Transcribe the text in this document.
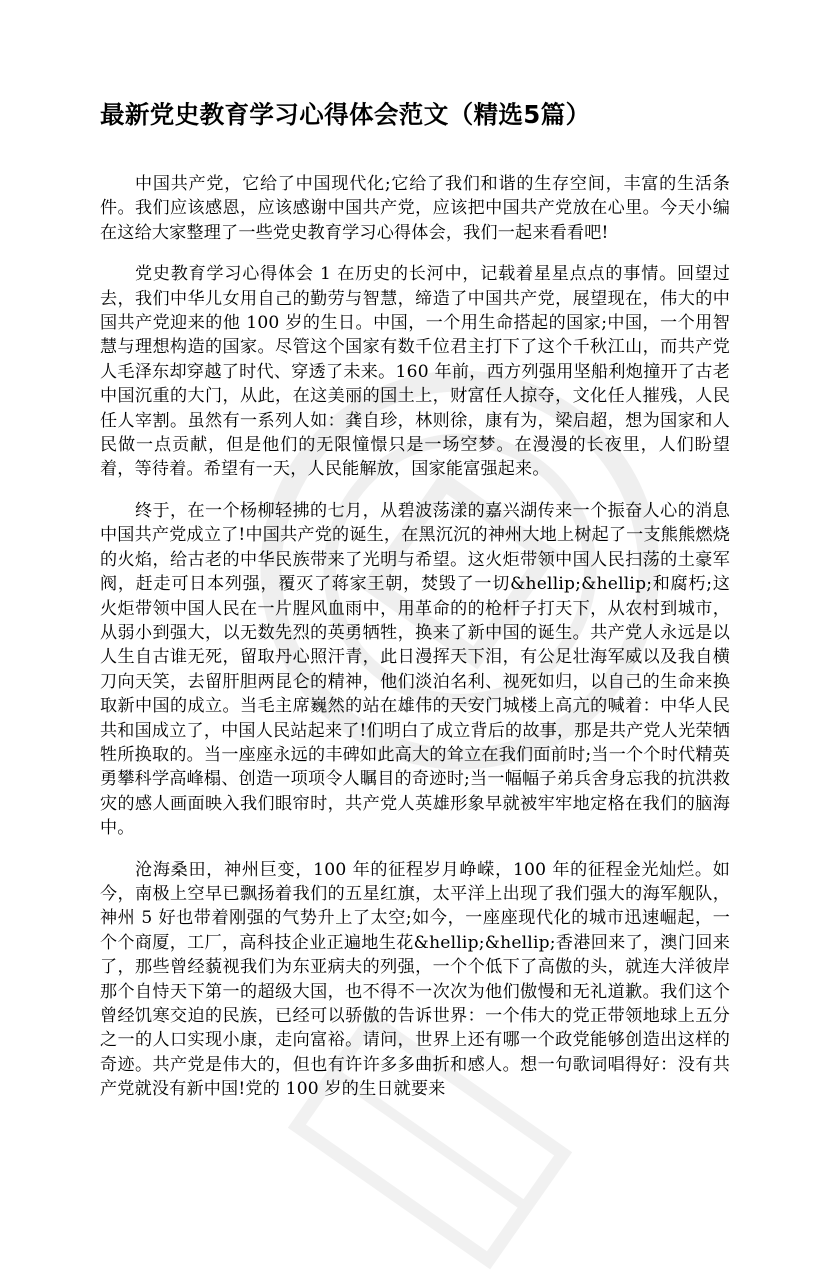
最新党史教育学习心得体会范文（精选5篇）

中国共产党，它给了中国现代化;它给了我们和谐的生存空间，丰富的生活条件。我们应该感恩，应该感谢中国共产党，应该把中国共产党放在心里。今天小编在这给大家整理了一些党史教育学习心得体会，我们一起来看看吧!

党史教育学习心得体会 1 在历史的长河中，记载着星星点点的事情。回望过去，我们中华儿女用自己的勤劳与智慧，缔造了中国共产党，展望现在，伟大的中国共产党迎来的他 100 岁的生日。中国，一个用生命搭起的国家;中国，一个用智慧与理想构造的国家。尽管这个国家有数千位君主打下了这个千秋江山，而共产党人毛泽东却穿越了时代、穿透了未来。160 年前，西方列强用坚船利炮撞开了古老中国沉重的大门，从此，在这美丽的国土上，财富任人掠夺，文化任人摧残，人民任人宰割。虽然有一系列人如：龚自珍，林则徐，康有为，梁启超，想为国家和人民做一点贡献，但是他们的无限憧憬只是一场空梦。在漫漫的长夜里，人们盼望着，等待着。希望有一天，人民能解放，国家能富强起来。

终于，在一个杨柳轻拂的七月，从碧波荡漾的嘉兴湖传来一个振奋人心的消息 中国共产党成立了!中国共产党的诞生，在黑沉沉的神州大地上树起了一支熊熊燃烧的火焰，给古老的中华民族带来了光明与希望。这火炬带领中国人民扫荡的土豪军阀，赶走可日本列强，覆灭了蒋家王朝，焚毁了一切&hellip;&hellip;和腐朽;这火炬带领中国人民在一片腥风血雨中，用革命的的枪杆子打天下，从农村到城市，从弱小到强大，以无数先烈的英勇牺牲，换来了新中国的诞生。共产党人永远是以人生自古谁无死，留取丹心照汗青，此日漫挥天下泪，有公足壮海军威以及我自横刀向天笑，去留肝胆两昆仑的精神，他们淡泊名利、视死如归，以自己的生命来换取新中国的成立。当毛主席巍然的站在雄伟的天安门城楼上高亢的喊着：中华人民共和国成立了，中国人民站起来了!们明白了成立背后的故事，那是共产党人光荣牺牲所换取的。当一座座永远的丰碑如此高大的耸立在我们面前时;当一个个时代精英勇攀科学高峰榻、创造一项项令人瞩目的奇迹时;当一幅幅子弟兵舍身忘我的抗洪救灾的感人画面映入我们眼帘时，共产党人英雄形象早就被牢牢地定格在我们的脑海中。

沧海桑田，神州巨变，100 年的征程岁月峥嵘，100 年的征程金光灿烂。如今，南极上空早已飘扬着我们的五星红旗，太平洋上出现了我们强大的海军舰队，神州 5 好也带着刚强的气势升上了太空;如今，一座座现代化的城市迅速崛起，一个个商厦，工厂，高科技企业正遍地生花&hellip;&hellip;香港回来了，澳门回来了，那些曾经藐视我们为东亚病夫的列强，一个个低下了高傲的头，就连大洋彼岸那个自恃天下第一的超级大国，也不得不一次次为他们傲慢和无礼道歉。我们这个曾经饥寒交迫的民族，已经可以骄傲的告诉世界：一个伟大的党正带领地球上五分之一的人口实现小康，走向富裕。请问，世界上还有哪一个政党能够创造出这样的奇迹。共产党是伟大的，但也有许许多多曲折和感人。想一句歌词唱得好：没有共产党就没有新中国!党的 100 岁的生日就要来
